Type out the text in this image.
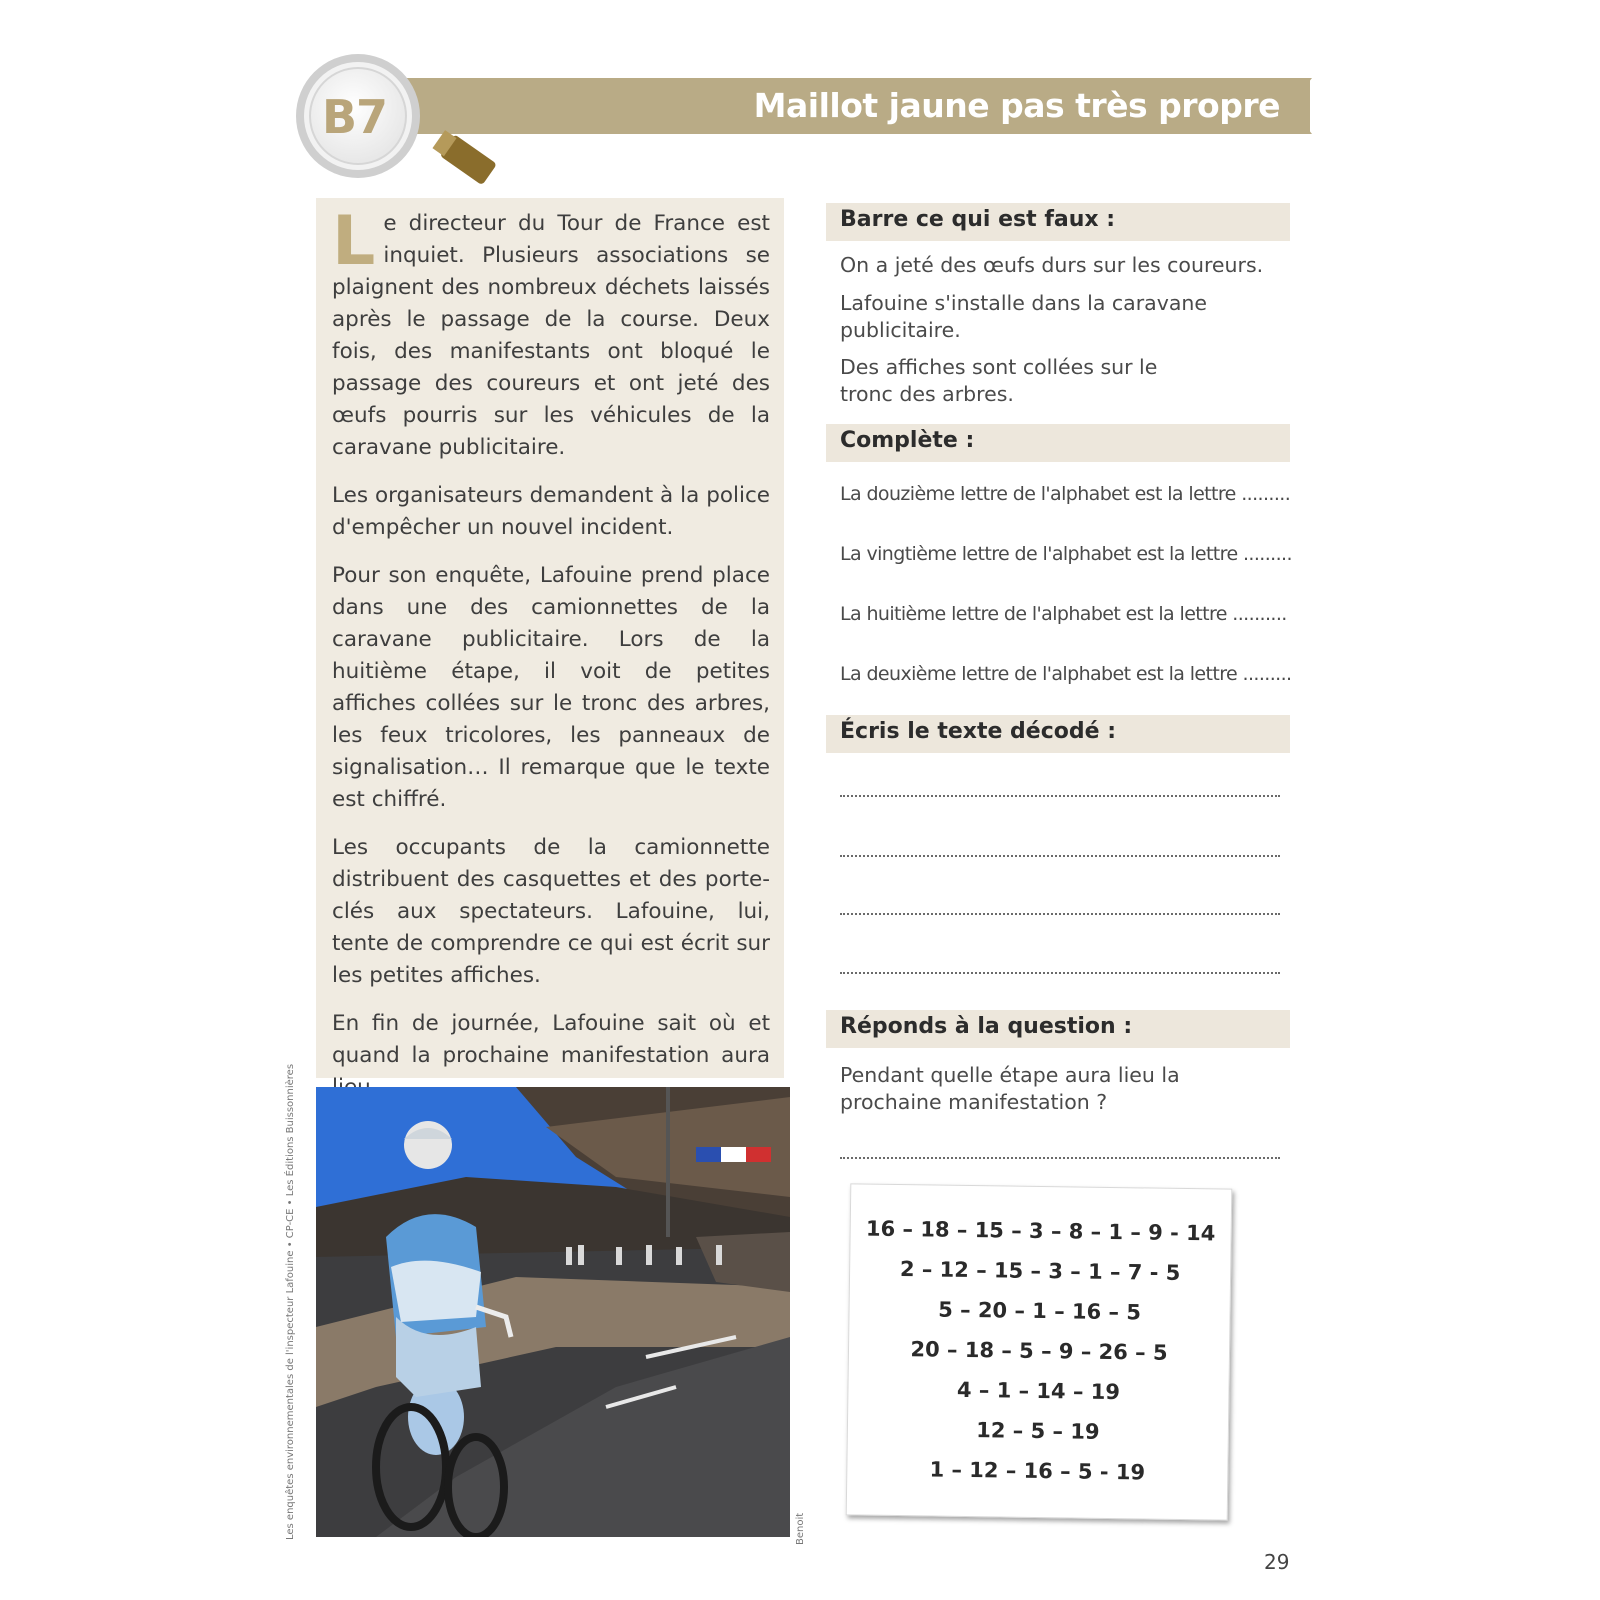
Maillot jaune pas très propre
B7

Le directeur du Tour de France est inquiet. Plusieurs associations se plaignent des nombreux déchets laissés après le passage de la course. Deux fois, des manifestants ont bloqué le passage des coureurs et ont jeté des œufs pourris sur les véhicules de la caravane publicitaire.

Les organisateurs demandent à la police d'empêcher un nouvel incident.

Pour son enquête, Lafouine prend place dans une des camionnettes de la caravane publicitaire. Lors de la huitième étape, il voit de petites affiches collées sur le tronc des arbres, les feux tricolores, les panneaux de signalisation… Il remarque que le texte est chiffré.

Les occupants de la camionnette distribuent des casquettes et des porte-clés aux spectateurs. Lafouine, lui, tente de comprendre ce qui est écrit sur les petites affiches.

En fin de journée, Lafouine sait où et quand la prochaine manifestation aura

Les enquêtes environnementales de l'inspecteur Lafouine • CP-CE • Les Éditions Buissonnières	Benoit
Barre ce qui est faux :
On a jeté des œufs durs sur les coureurs.
Lafouine s'installe dans la caravane publicitaire.
Des affiches sont collées sur le tronc des arbres.
Complète :
La douzième lettre de l'alphabet est la lettre .........
La vingtième lettre de l'alphabet est la lettre .........
La huitième lettre de l'alphabet est la lettre ..........
La deuxième lettre de l'alphabet est la lettre .........
Écris le texte décodé :
Réponds à la question :
Pendant quelle étape aura lieu la prochaine manifestation ?
16 – 18 – 15 – 3 – 8 – 1 – 9 - 14
2 – 12 – 15 – 3 – 1 – 7 - 5
5 – 20 – 1 – 16 – 5
20 – 18 – 5 – 9 – 26 – 5
4 – 1 – 14 – 19
12 – 5 – 19
1 – 12 – 16 – 5 - 19
29
